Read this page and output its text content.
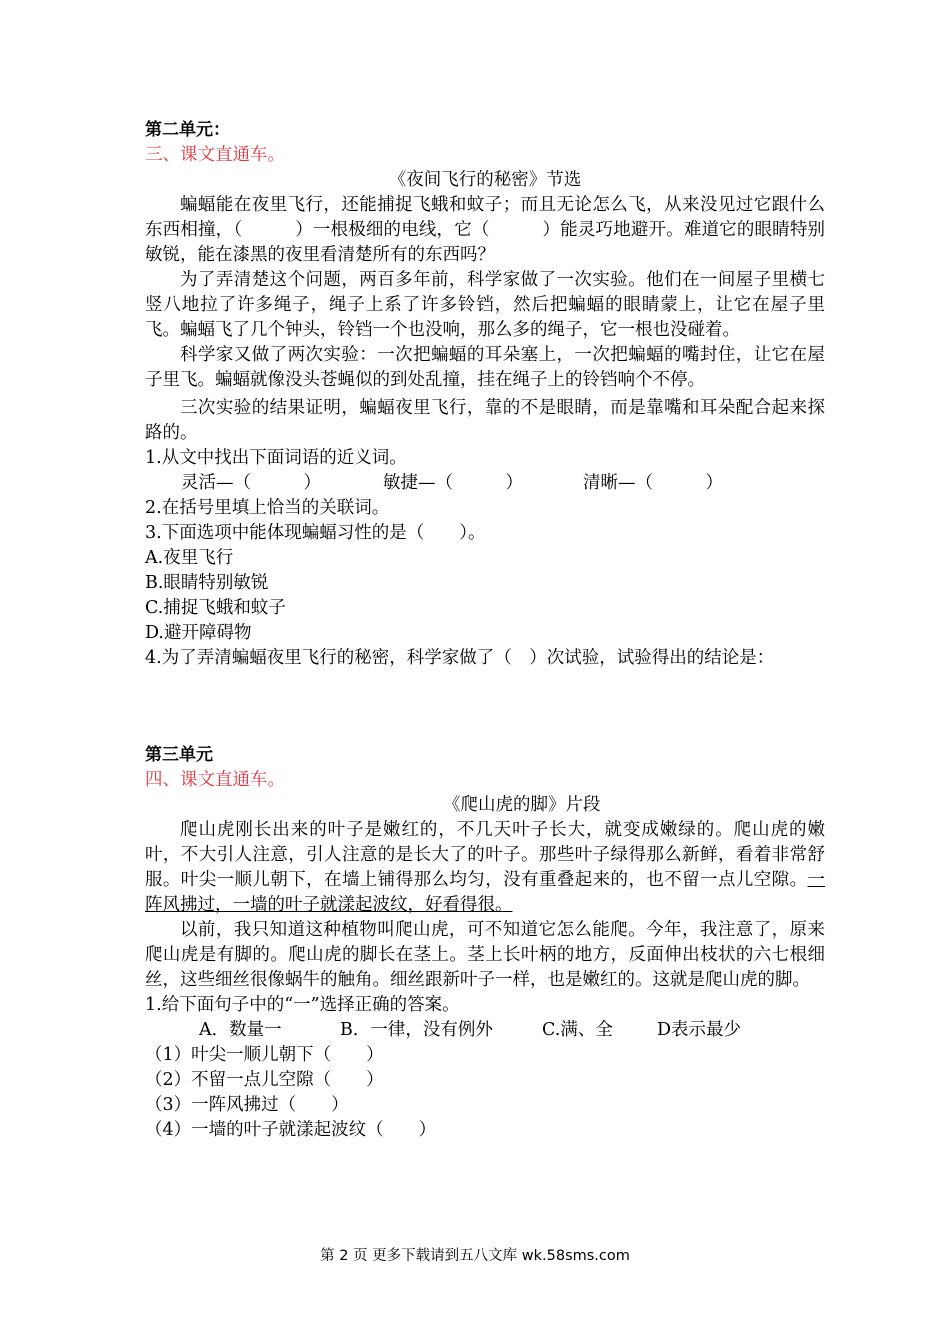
第二单元：
三、课文直通车。
《夜间飞行的秘密》节选

蝙蝠能在夜里飞行，还能捕捉飞蛾和蚊子；而且无论怎么飞，从来没见过它跟什么东西相撞，（　　　）一根极细的电线，它（　　　）能灵巧地避开。难道它的眼睛特别敏锐，能在漆黑的夜里看清楚所有的东西吗？

为了弄清楚这个问题，两百多年前，科学家做了一次实验。他们在一间屋子里横七竖八地拉了许多绳子，绳子上系了许多铃铛，然后把蝙蝠的眼睛蒙上，让它在屋子里飞。蝙蝠飞了几个钟头，铃铛一个也没响，那么多的绳子，它一根也没碰着。

科学家又做了两次实验：一次把蝙蝠的耳朵塞上，一次把蝙蝠的嘴封住，让它在屋子里飞。蝙蝠就像没头苍蝇似的到处乱撞，挂在绳子上的铃铛响个不停。

三次实验的结果证明，蝙蝠夜里飞行，靠的不是眼睛，而是靠嘴和耳朵配合起来探路的。

1.从文中找出下面词语的近义词。

灵活—（　　　）	敏捷—（　　　）	清晰—（　　　）

2.在括号里填上恰当的关联词。

3.下面选项中能体现蝙蝠习性的是（　　）。

A.夜里飞行

B.眼睛特别敏锐

C.捕捉飞蛾和蚊子

D.避开障碍物

4.为了弄清蝙蝠夜里飞行的秘密，科学家做了（　）次试验，试验得出的结论是：

第三单元
四、课文直通车。
《爬山虎的脚》片段

爬山虎刚长出来的叶子是嫩红的，不几天叶子长大，就变成嫩绿的。爬山虎的嫩叶，不大引人注意，引人注意的是长大了的叶子。那些叶子绿得那么新鲜，看着非常舒服。叶尖一顺儿朝下，在墙上铺得那么均匀，没有重叠起来的，也不留一点儿空隙。一阵风拂过，一墙的叶子就漾起波纹，好看得很。

以前，我只知道这种植物叫爬山虎，可不知道它怎么能爬。今年，我注意了，原来爬山虎是有脚的。爬山虎的脚长在茎上。茎上长叶柄的地方，反面伸出枝状的六七根细丝，这些细丝很像蜗牛的触角。细丝跟新叶子一样，也是嫩红的。这就是爬山虎的脚。

1.给下面句子中的“一”选择正确的答案。

A．数量一	B．一律，没有例外	C.满、全	D表示最少
（1）叶尖一顺儿朝下（　　）
（2）不留一点儿空隙（　　）
（3）一阵风拂过（　　）
（4）一墙的叶子就漾起波纹（　　）
第 2 页 更多下载请到五八文库 wk.58sms.com
